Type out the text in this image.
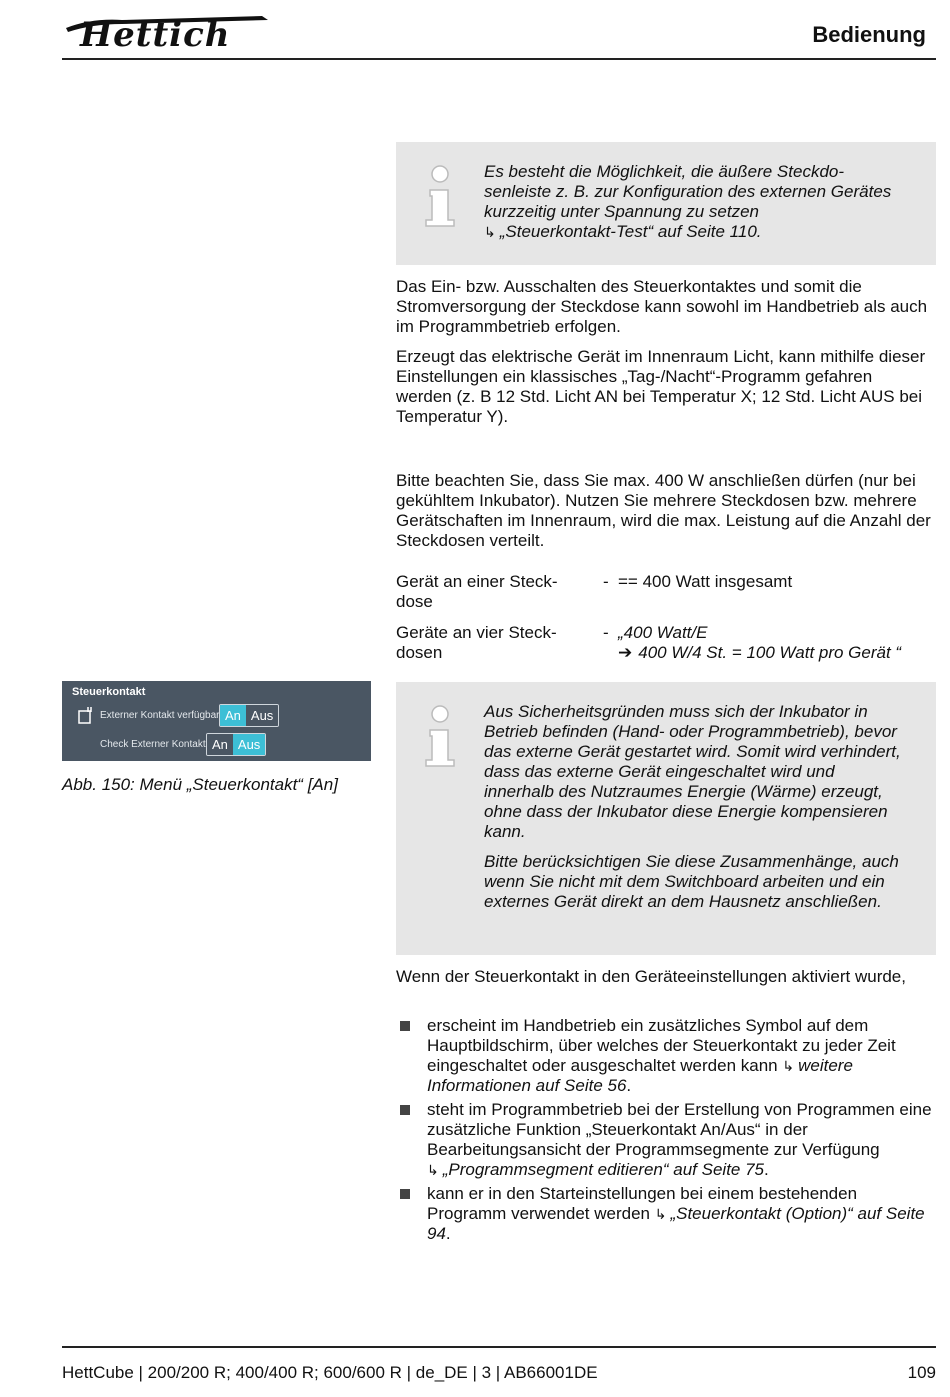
Hettich	Bedienung

Es besteht die Möglichkeit, die äußere Steckdo-senleiste z. B. zur Konfiguration des externen Gerätes kurzzeitig unter Spannung zu setzen
↳ „Steuerkontakt-Test“ auf Seite 110.

Das Ein- bzw. Ausschalten des Steuerkontaktes und somit die Stromversorgung der Steckdose kann sowohl im Handbetrieb als auch im Programmbetrieb erfolgen.

Erzeugt das elektrische Gerät im Innenraum Licht, kann mithilfe dieser Einstellungen ein klassisches „Tag-/Nacht“-Programm gefahren werden (z. B 12 Std. Licht AN bei Temperatur X; 12 Std. Licht AUS bei Temperatur Y).

Bitte beachten Sie, dass Sie max. 400 W anschließen dürfen (nur bei gekühltem Inkubator). Nutzen Sie mehrere Steckdosen bzw. mehrere Gerätschaften im Innenraum, wird die max. Leistung auf die Anzahl der Steckdosen verteilt.

Gerät an einer Steck-dose
- == 400 Watt insgesamt
Geräte an vier Steck-dosen
- „400 Watt/E
➔ 400 W/4 St. = 100 Watt pro Gerät “
Steuerkontakt
Externer Kontakt verfügbar An Aus
Check Externer Kontakt An Aus
Abb. 150: Menü „Steuerkontakt“ [An]

Aus Sicherheitsgründen muss sich der Inkubator in Betrieb befinden (Hand- oder Programmbetrieb), bevor das externe Gerät gestartet wird. Somit wird verhindert, dass das externe Gerät eingeschaltet wird und innerhalb des Nutzraumes Energie (Wärme) erzeugt, ohne dass der Inkubator diese Energie kompensieren kann.

Bitte berücksichtigen Sie diese Zusammenhänge, auch wenn Sie nicht mit dem Switchboard arbeiten und ein externes Gerät direkt an dem Hausnetz anschließen.

Wenn der Steuerkontakt in den Geräteeinstellungen aktiviert wurde,

erscheint im Handbetrieb ein zusätzliches Symbol auf dem Hauptbildschirm, über welches der Steuerkontakt zu jeder Zeit eingeschaltet oder ausgeschaltet werden kann ↳ weitere Informationen auf Seite 56.
steht im Programmbetrieb bei der Erstellung von Programmen eine zusätzliche Funktion „Steuerkontakt An/Aus“ in der Bearbeitungsansicht der Programmsegmente zur Verfügung ↳ „Programmsegment editieren“ auf Seite 75.
kann er in den Starteinstellungen bei einem bestehenden Programm verwendet werden ↳ „Steuerkontakt (Option)“ auf Seite 94.
HettCube | 200/200 R; 400/400 R; 600/600 R | de_DE | 3 | AB66001DE	109
